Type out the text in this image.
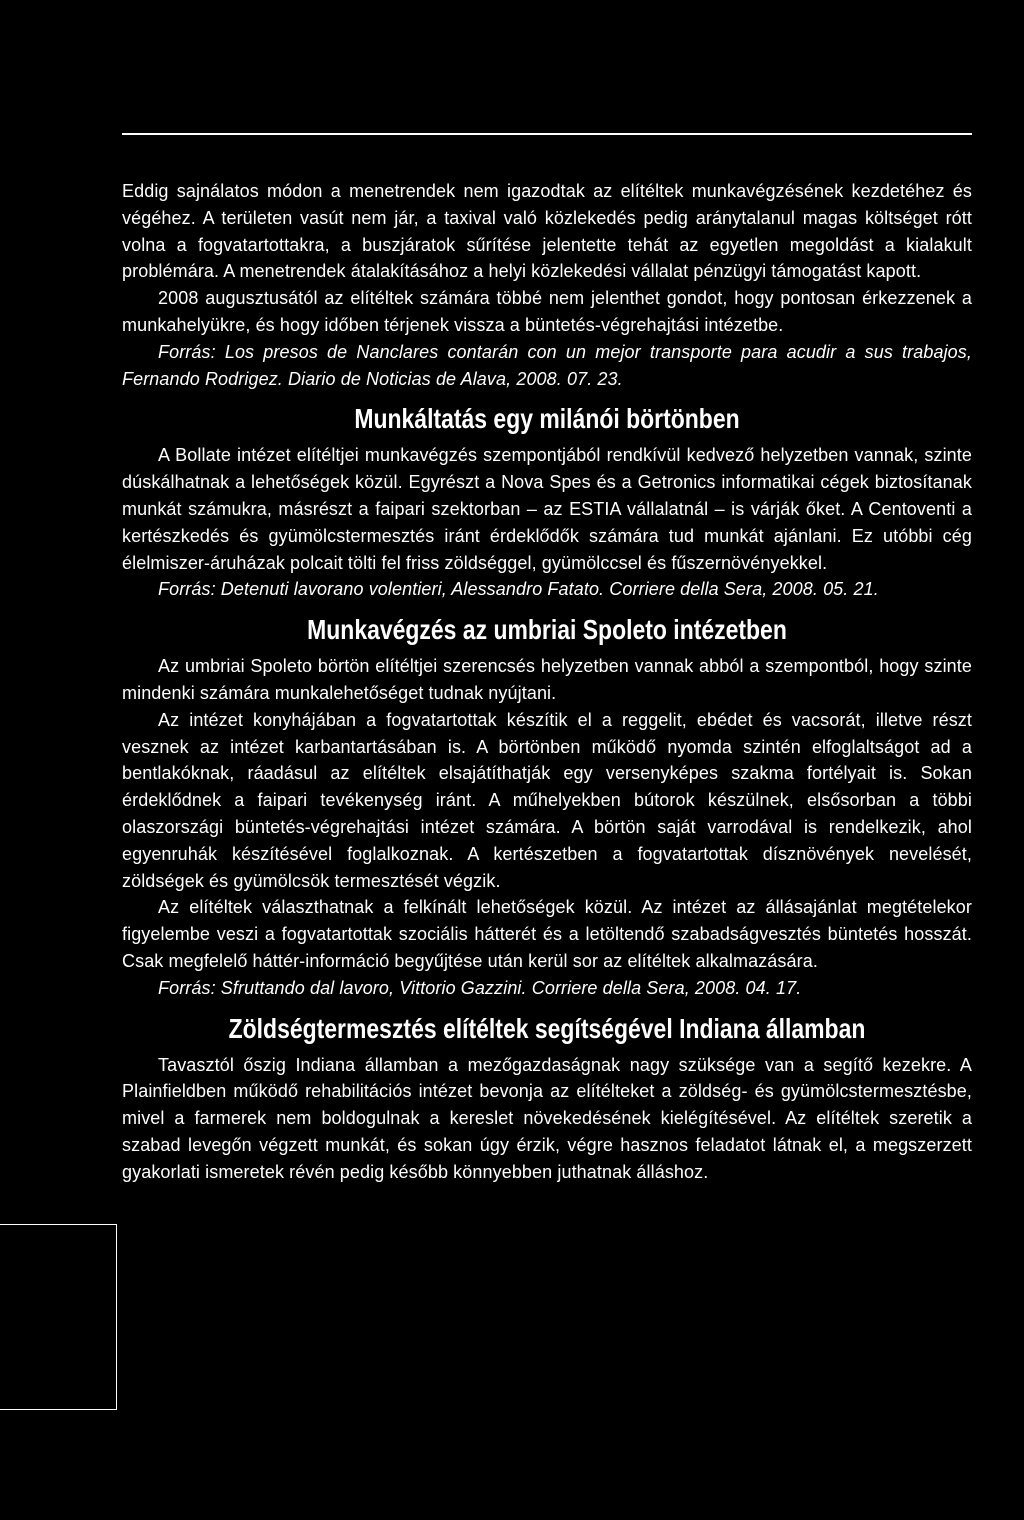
Eddig sajnálatos módon a menetrendek nem igazodtak az elítéltek munkavégzésének kezdetéhez és végéhez. A területen vasút nem jár, a taxival való közlekedés pedig aránytalanul magas költséget rótt volna a fogvatartottakra, a buszjáratok sűrítése jelentette tehát az egyetlen megoldást a kialakult problémára. A menetrendek átalakításához a helyi közlekedési vállalat pénzügyi támogatást kapott.

2008 augusztusától az elítéltek számára többé nem jelenthet gondot, hogy pontosan érkezzenek a munkahelyükre, és hogy időben térjenek vissza a büntetés-végrehajtási intézetbe.

Forrás: Los presos de Nanclares contarán con un mejor transporte para acudir a sus trabajos, Fernando Rodrigez. Diario de Noticias de Alava, 2008. 07. 23.

Munkáltatás egy milánói börtönben

A Bollate intézet elítéltjei munkavégzés szempontjából rendkívül kedvező helyzetben vannak, szinte dúskálhatnak a lehetőségek közül. Egyrészt a Nova Spes és a Getronics informatikai cégek biztosítanak munkát számukra, másrészt a faipari szektorban – az ESTIA vállalatnál – is várják őket. A Centoventi a kertészkedés és gyümölcstermesztés iránt érdeklődők számára tud munkát ajánlani. Ez utóbbi cég élelmiszer-áruházak polcait tölti fel friss zöldséggel, gyümölccsel és fűszernövényekkel.

Forrás: Detenuti lavorano volentieri, Alessandro Fatato. Corriere della Sera, 2008. 05. 21.

Munkavégzés az umbriai Spoleto intézetben

Az umbriai Spoleto börtön elítéltjei szerencsés helyzetben vannak abból a szempontból, hogy szinte mindenki számára munkalehetőséget tudnak nyújtani.

Az intézet konyhájában a fogvatartottak készítik el a reggelit, ebédet és vacsorát, illetve részt vesznek az intézet karbantartásában is. A börtönben működő nyomda szintén elfoglaltságot ad a bentlakóknak, ráadásul az elítéltek elsajátíthatják egy versenyképes szakma fortélyait is. Sokan érdeklődnek a faipari tevékenység iránt. A műhelyekben bútorok készülnek, elsősorban a többi olaszországi büntetés-végrehajtási intézet számára. A börtön saját varrodával is rendelkezik, ahol egyenruhák készítésével foglalkoznak. A kertészetben a fogvatartottak dísznövények nevelését, zöldségek és gyümölcsök termesztését végzik.

Az elítéltek választhatnak a felkínált lehetőségek közül. Az intézet az állásajánlat megtételekor figyelembe veszi a fogvatartottak szociális hátterét és a letöltendő szabadságvesztés büntetés hosszát. Csak megfelelő háttér-információ begyűjtése után kerül sor az elítéltek alkalmazására.

Forrás: Sfruttando dal lavoro, Vittorio Gazzini. Corriere della Sera, 2008. 04. 17.

Zöldségtermesztés elítéltek segítségével Indiana államban

Tavasztól őszig Indiana államban a mezőgazdaságnak nagy szüksége van a segítő kezekre. A Plainfieldben működő rehabilitációs intézet bevonja az elítélteket a zöldség- és gyümölcstermesztésbe, mivel a farmerek nem boldogulnak a kereslet növekedésének kielégítésével. Az elítéltek szeretik a szabad levegőn végzett munkát, és sokan úgy érzik, végre hasznos feladatot látnak el, a megszerzett gyakorlati ismeretek révén pedig később könnyebben juthatnak álláshoz.
